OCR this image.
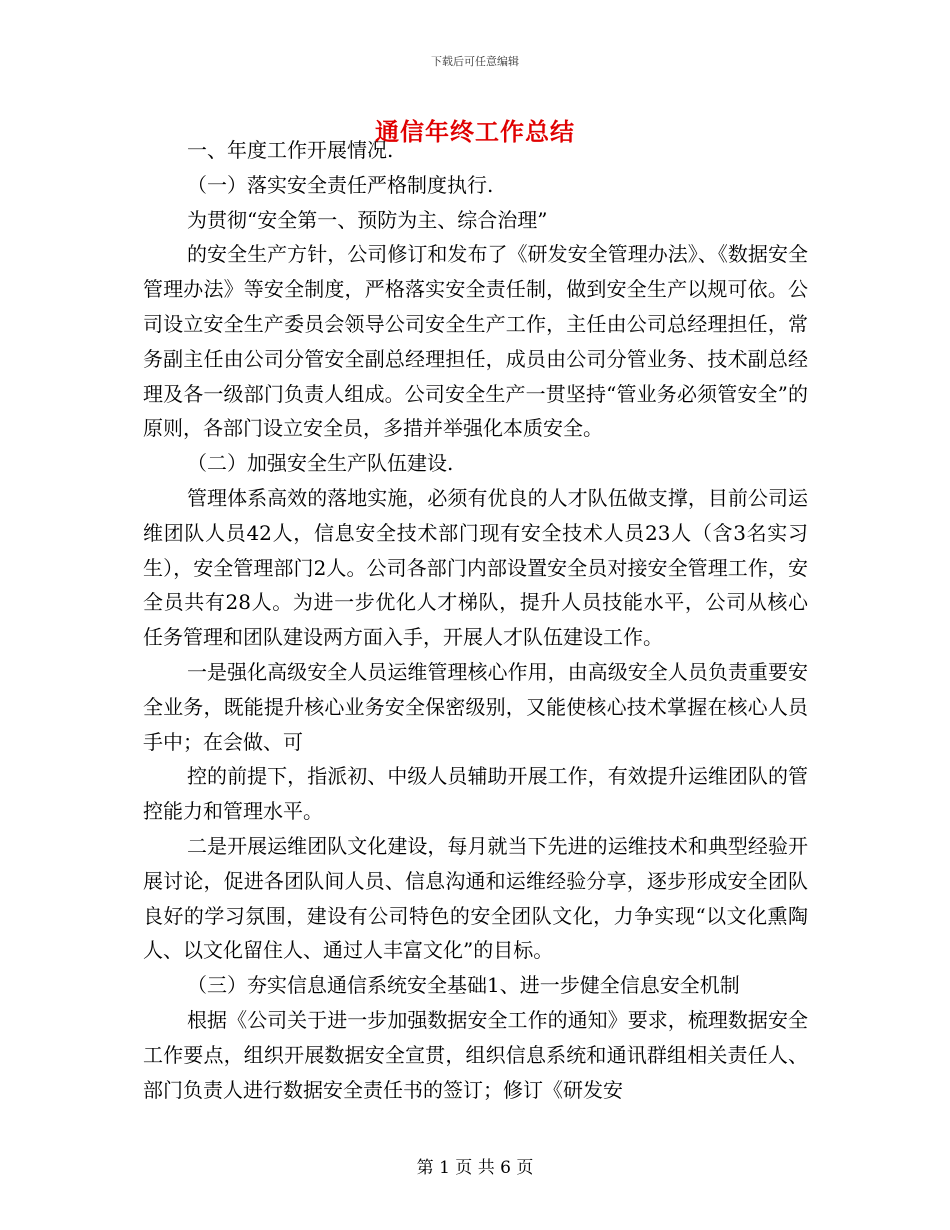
下载后可任意编辑
通信年终工作总结

一、年度工作开展情况.

（一）落实安全责任严格制度执行.

为贯彻“安全第一、预防为主、综合治理”

的安全生产方针，公司修订和发布了《研发安全管理办法》、《数据安全管理办法》等安全制度，严格落实安全责任制，做到安全生产以规可依。公司设立安全生产委员会领导公司安全生产工作，主任由公司总经理担任，常务副主任由公司分管安全副总经理担任，成员由公司分管业务、技术副总经理及各一级部门负责人组成。公司安全生产一贯坚持“管业务必须管安全”的原则，各部门设立安全员，多措并举强化本质安全。

（二）加强安全生产队伍建设.

管理体系高效的落地实施，必须有优良的人才队伍做支撑，目前公司运维团队人员42人，信息安全技术部门现有安全技术人员23人（含3名实习生），安全管理部门2人。公司各部门内部设置安全员对接安全管理工作，安全员共有28人。为进一步优化人才梯队，提升人员技能水平，公司从核心任务管理和团队建设两方面入手，开展人才队伍建设工作。

一是强化高级安全人员运维管理核心作用，由高级安全人员负责重要安全业务，既能提升核心业务安全保密级别，又能使核心技术掌握在核心人员手中；在会做、可

控的前提下，指派初、中级人员辅助开展工作，有效提升运维团队的管控能力和管理水平。

二是开展运维团队文化建设，每月就当下先进的运维技术和典型经验开展讨论，促进各团队间人员、信息沟通和运维经验分享，逐步形成安全团队良好的学习氛围，建设有公司特色的安全团队文化，力争实现“以文化熏陶人、以文化留住人、通过人丰富文化”的目标。

（三）夯实信息通信系统安全基础1、进一步健全信息安全机制

根据《公司关于进一步加强数据安全工作的通知》要求，梳理数据安全工作要点，组织开展数据安全宣贯，组织信息系统和通讯群组相关责任人、部门负责人进行数据安全责任书的签订；修订《研发安

第 1 页 共 6 页
